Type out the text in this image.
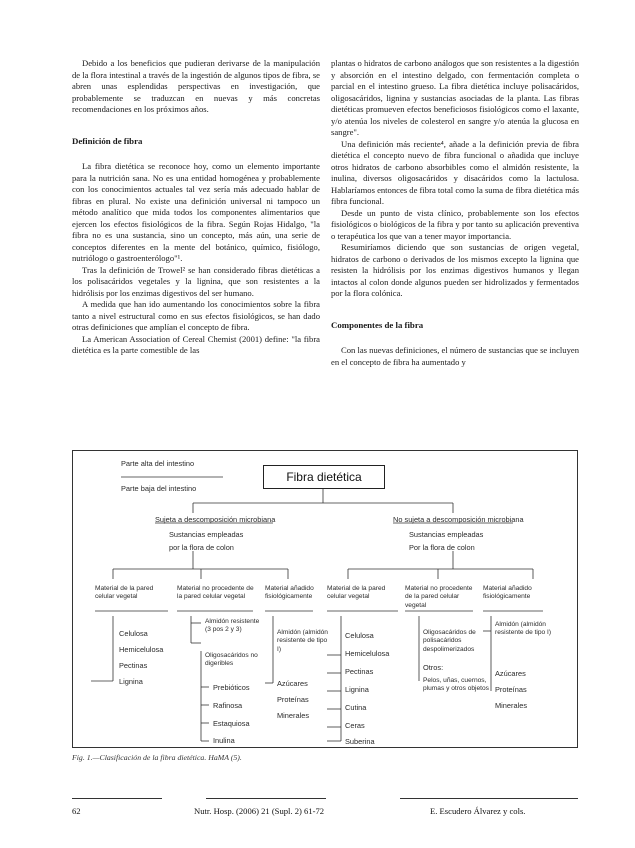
Debido a los beneficios que pudieran derivarse de la manipulación de la flora intestinal a través de la ingestión de algunos tipos de fibra, se abren unas esplendidas perspectivas en investigación, que probablemente se traduzcan en nuevas y más concretas recomendaciones en los próximos años.

Definición de fibra

La fibra dietética se reconoce hoy, como un elemento importante para la nutrición sana. No es una entidad homogénea y probablemente con los conocimientos actuales tal vez sería más adecuado hablar de fibras en plural. No existe una definición universal ni tampoco un método analítico que mida todos los componentes alimentarios que ejercen los efectos fisiológicos de la fibra. Según Rojas Hidalgo, "la fibra no es una sustancia, sino un concepto, más aún, una serie de conceptos diferentes en la mente del botánico, químico, fisiólogo, nutriólogo o gastroenterólogo"¹.

Tras la definición de Trowel² se han considerado fibras dietéticas a los polisacáridos vegetales y la lignina, que son resistentes a la hidrólisis por los enzimas digestivos del ser humano.

A medida que han ido aumentando los conocimientos sobre la fibra tanto a nivel estructural como en sus efectos fisiológicos, se han dado otras definiciones que amplían el concepto de fibra.

La American Association of Cereal Chemist (2001) define: "la fibra dietética es la parte comestible de las

plantas o hidratos de carbono análogos que son resistentes a la digestión y absorción en el intestino delgado, con fermentación completa o parcial en el intestino grueso. La fibra dietética incluye polisacáridos, oligosacáridos, lignina y sustancias asociadas de la planta. Las fibras dietéticas promueven efectos beneficiosos fisiológicos como el laxante, y/o atenúa los niveles de colesterol en sangre y/o atenúa la glucosa en sangre".

Una definición más reciente⁴, añade a la definición previa de fibra dietética el concepto nuevo de fibra funcional o añadida que incluye otros hidratos de carbono absorbibles como el almidón resistente, la inulina, diversos oligosacáridos y disacáridos como la lactulosa. Hablaríamos entonces de fibra total como la suma de fibra dietética más fibra funcional.

Desde un punto de vista clínico, probablemente son los efectos fisiológicos o biológicos de la fibra y por tanto su aplicación preventiva o terapéutica los que van a tener mayor importancia.

Resumiríamos diciendo que son sustancias de origen vegetal, hidratos de carbono o derivados de los mismos excepto la lignina que resisten la hidrólisis por los enzimas digestivos humanos y llegan intactos al colon donde algunos pueden ser hidrolizados y fermentados por la flora colónica.

Componentes de la fibra

Con las nuevas definiciones, el número de sustancias que se incluyen en el concepto de fibra ha aumentado y

Parte alta del intestino
Parte baja del intestino
Fibra dietética
Sujeta a descomposición microbiana
Sustancias empleadas
por la flora de colon
Material de la pared celular vegetal
Celulosa
Hemicelulosa
Pectinas
Lignina
Material no procedente de la pared celular vegetal
Almidón resistente (3 pos 2 y 3)
Oligosacáridos no digeribles
Prebióticos
Rafinosa
Estaquiosa
Inulina
Material añadido fisiológicamente
Almidón (almidón resistente de tipo I)
Azúcares
Proteínas
Minerales
No sujeta a descomposición microbiana
Sustancias empleadas
Por la flora de colon
Material de la pared celular vegetal
Celulosa
Hemicelulosa
Pectinas
Lignina
Cutina
Ceras
Suberina
Material no procedente de la pared celular vegetal
Oligosacáridos de polisacáridos despolimerizados
Otros:
Pelos, uñas, cuernos, plumas y otros objetos
Material añadido fisiológicamente
Almidón (almidón resistente de tipo I)
Azúcares
Proteínas
Minerales
Fig. 1.—Clasificación de la fibra dietética. HaMA (5).
62	Nutr. Hosp. (2006) 21 (Supl. 2) 61-72	E. Escudero Álvarez y cols.
